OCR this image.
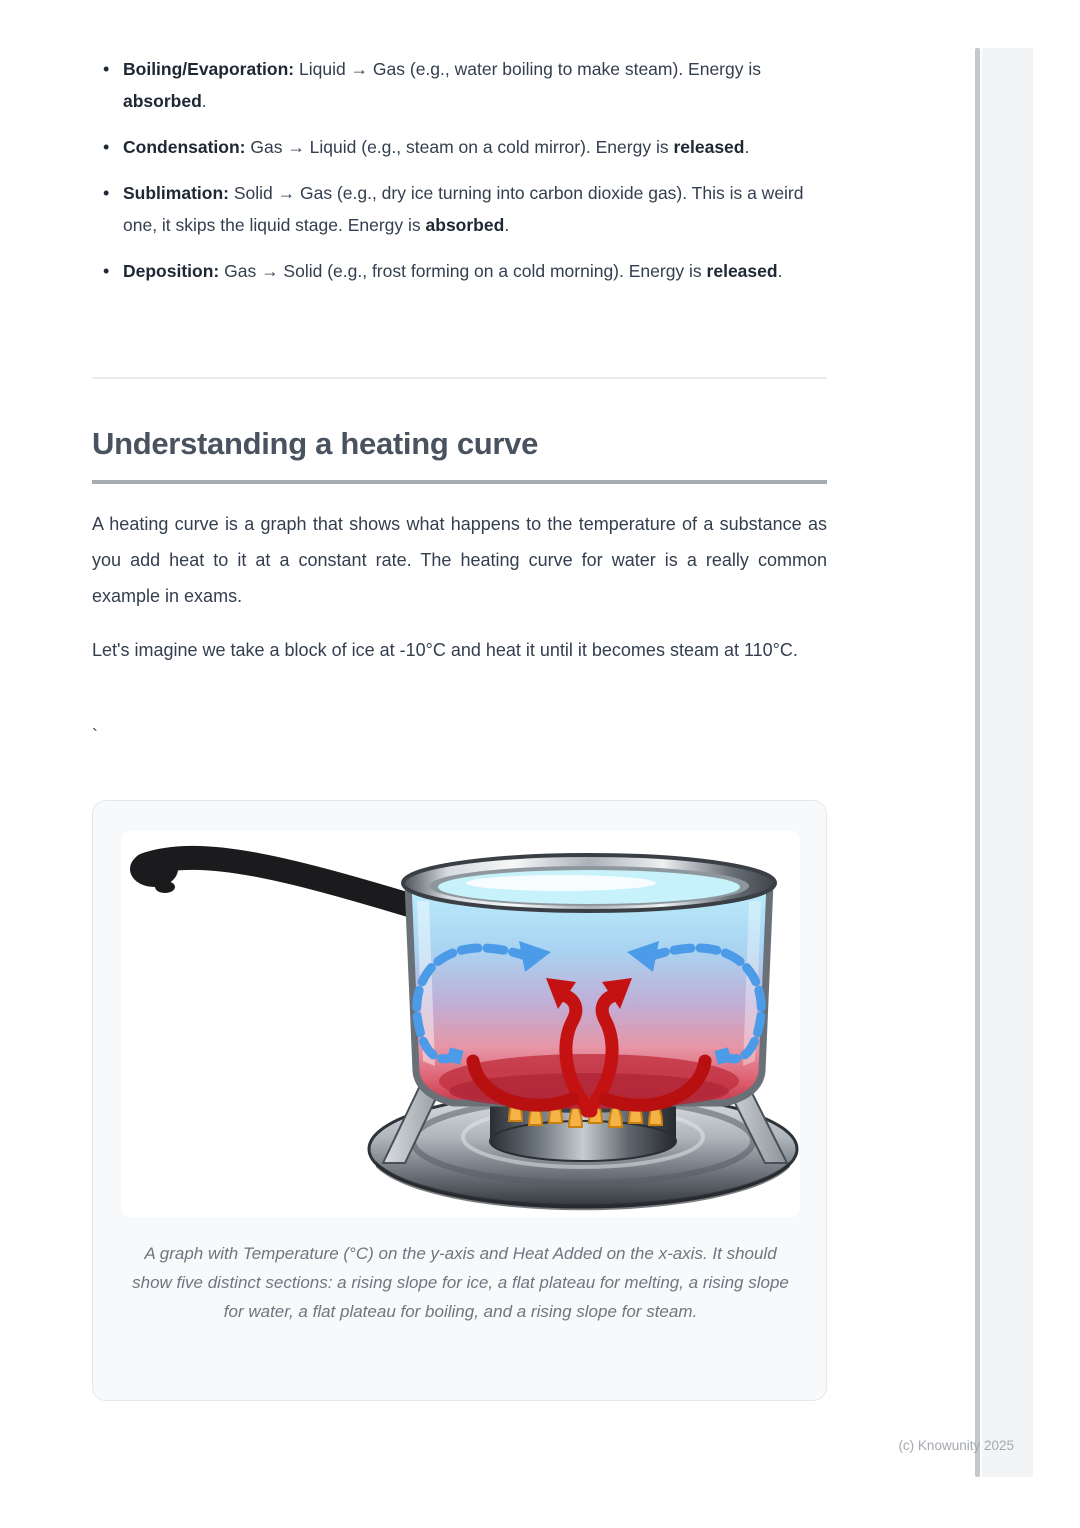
• Boiling/Evaporation: Liquid → Gas (e.g., water boiling to make steam). Energy is absorbed.
• Condensation: Gas → Liquid (e.g., steam on a cold mirror). Energy is released.
• Sublimation: Solid → Gas (e.g., dry ice turning into carbon dioxide gas). This is a weird one, it skips the liquid stage. Energy is absorbed.
• Deposition: Gas → Solid (e.g., frost forming on a cold morning). Energy is released.
Understanding a heating curve

A heating curve is a graph that shows what happens to the temperature of a substance as you add heat to it at a constant rate. The heating curve for water is a really common example in exams.

Let's imagine we take a block of ice at -10°C and heat it until it becomes steam at 110°C.

`

A graph with Temperature (°C) on the y-axis and Heat Added on the x-axis. It should show five distinct sections: a rising slope for ice, a flat plateau for melting, a rising slope for water, a flat plateau for boiling, and a rising slope for steam.
(c) Knowunity 2025
